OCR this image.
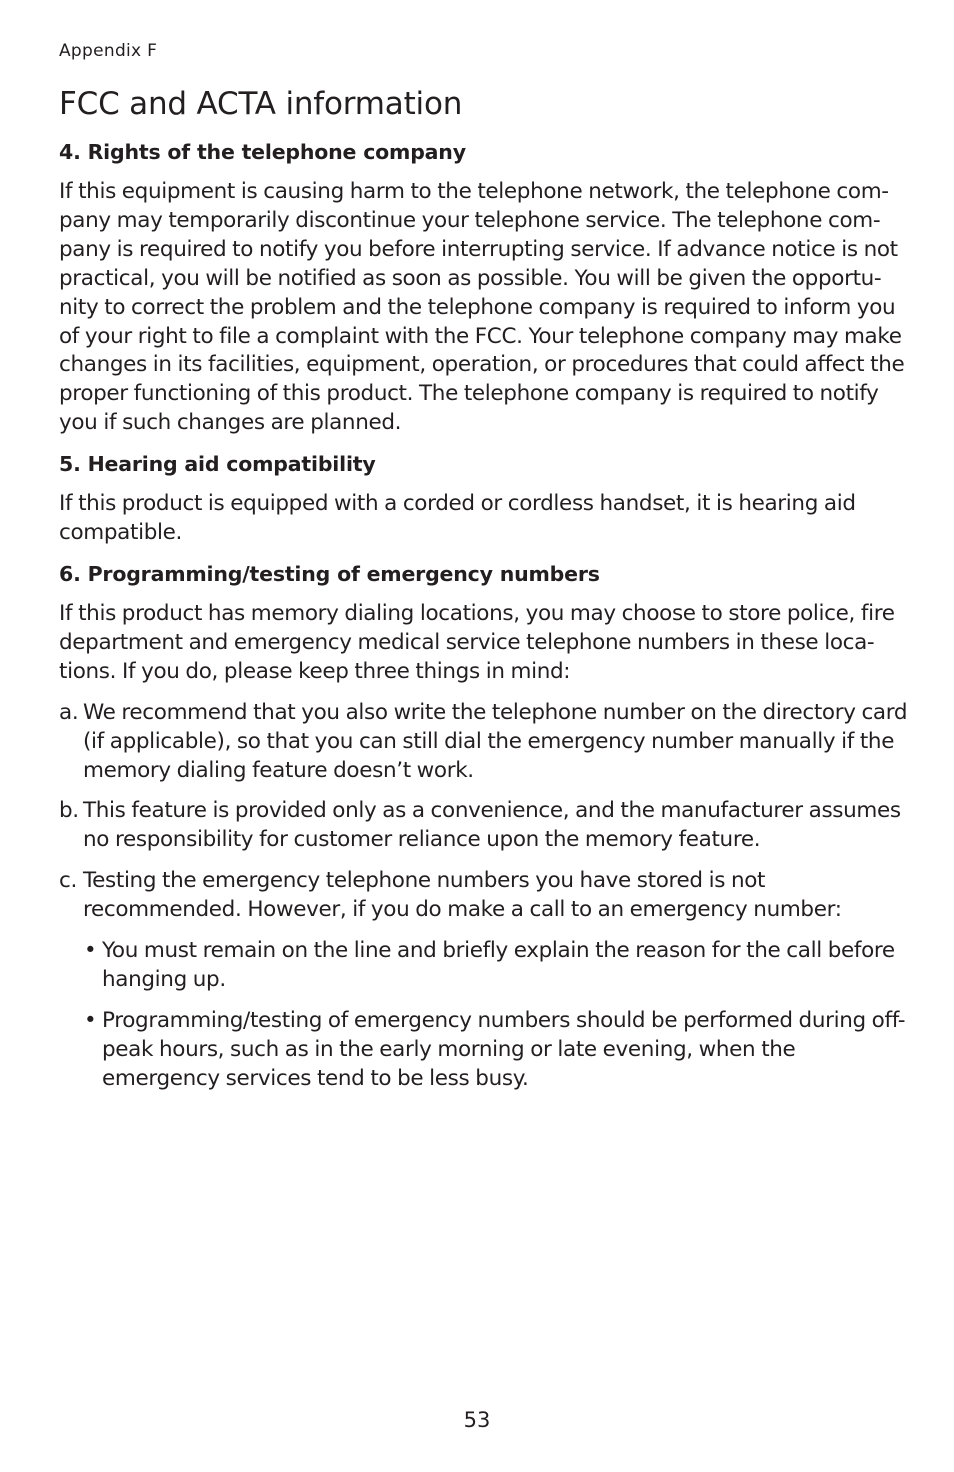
Appendix F
FCC and ACTA information
4. Rights of the telephone company
If this equipment is causing harm to the telephone network, the telephone com-pany may temporarily discontinue your telephone service. The telephone com-pany is required to notify you before interrupting service. If advance notice is not practical, you will be notified as soon as possible. You will be given the opportu-nity to correct the problem and the telephone company is required to inform you of your right to file a complaint with the FCC. Your telephone company may make changes in its facilities, equipment, operation, or procedures that could affect the proper functioning of this product. The telephone company is required to notify you if such changes are planned.
5. Hearing aid compatibility
If this product is equipped with a corded or cordless handset, it is hearing aid compatible.
6. Programming/testing of emergency numbers
If this product has memory dialing locations, you may choose to store police, fire department and emergency medical service telephone numbers in these loca-tions. If you do, please keep three things in mind:
a. We recommend that you also write the telephone number on the directory card (if applicable), so that you can still dial the emergency number manually if the memory dialing feature doesn’t work.
b. This feature is provided only as a convenience, and the manufacturer assumes no responsibility for customer reliance upon the memory feature.
c. Testing the emergency telephone numbers you have stored is not recommended. However, if you do make a call to an emergency number:
• You must remain on the line and briefly explain the reason for the call before hanging up.
• Programming/testing of emergency numbers should be performed during off-peak hours, such as in the early morning or late evening, when the emergency services tend to be less busy.
53
